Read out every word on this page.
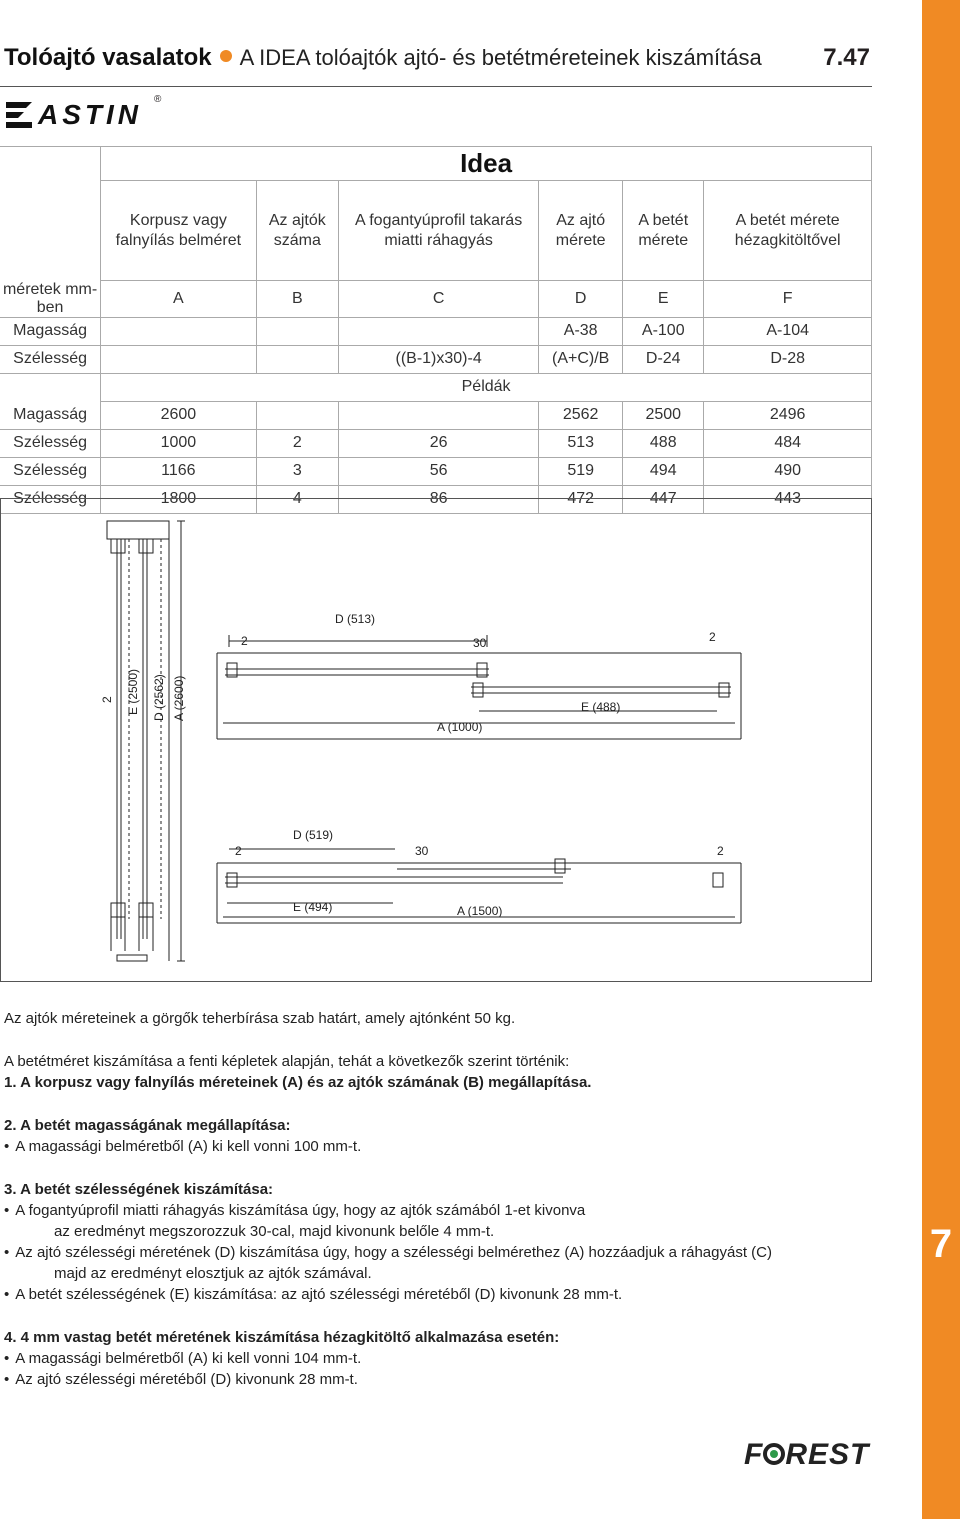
7
Tolóajtó vasalatok A IDEA tolóajtók ajtó- és betétméreteinek kiszámítása	7.47
ASTIN ®
	Idea					
	Korpusz vagy falnyílás belméret	Az ajtók száma	A fogantyúprofil takarás miatti ráhagyás	Az ajtó mérete	A betét mérete	A betét mérete hézagkitöltővel
méretek mm-ben	A	B	C	D	E	F
Magasság				A-38	A-100	A-104
Szélesség			((B-1)x30)-4	(A+C)/B	D-24	D-28
	Példák					
Magasság	2600			2562	2500	2496
Szélesség	1000	2	26	513	488	484
Szélesség	1166	3	56	519	494	490
Szélesség	1800	4	86	472	447	443
2 E (2500) D (2562) A (2600)
D (513)
2	30	2
E (488)
A (1000)
D (519)
2	30	2
E (494)	A (1500)

Az ajtók méreteinek a görgők teherbírása szab határt, amely ajtónként 50 kg.

A betétméret kiszámítása a fenti képletek alapján, tehát a következők szerint történik:

1. A korpusz vagy falnyílás méreteinek (A) és az ajtók számának (B) megállapítása.

2. A betét magasságának megállapítása:

• A magassági belméretből (A) ki kell vonni 100 mm-t.

3. A betét szélességének kiszámítása:

• A fogantyúprofil miatti ráhagyás kiszámítása úgy, hogy az ajtók számából 1-et kivonva

az eredményt megszorozzuk 30-cal, majd kivonunk belőle 4 mm-t.

• Az ajtó szélességi méretének (D) kiszámítása úgy, hogy a szélességi belmérethez (A) hozzáadjuk a ráhagyást (C)

majd az eredményt elosztjuk az ajtók számával.

• A betét szélességének (E) kiszámítása: az ajtó szélességi méretéből (D) kivonunk 28 mm-t.

4. 4 mm vastag betét méretének kiszámítása hézagkitöltő alkalmazása esetén:

• A magassági belméretből (A) ki kell vonni 104 mm-t.

• Az ajtó szélességi méretéből (D) kivonunk 28 mm-t.

F REST
